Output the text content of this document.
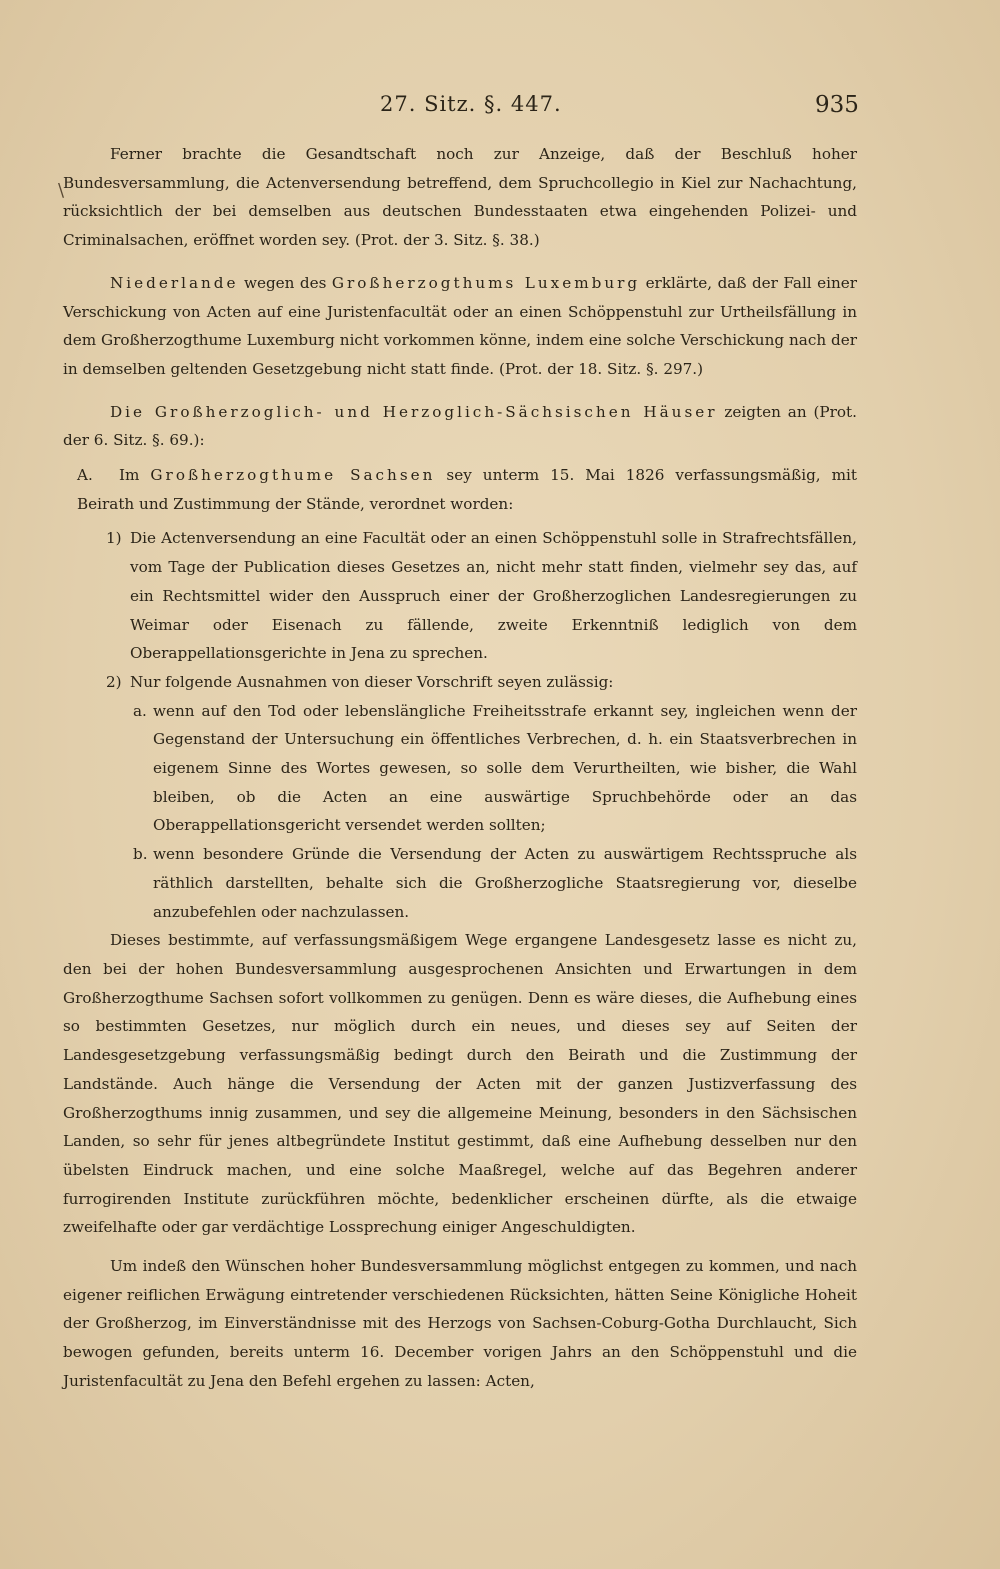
27. Sitz. §. 447.	935
\

Ferner brachte die Gesandtschaft noch zur Anzeige, daß der Beschluß hoher Bundesversammlung, die Actenversendung betreffend, dem Spruchcollegio in Kiel zur Nachachtung, rücksichtlich der bei demselben aus deutschen Bundesstaaten etwa eingehenden Polizei- und Criminalsachen, eröffnet worden sey. (Prot. der 3. Sitz. §. 38.)

Niederlande wegen des Großherzogthums Luxemburg erklärte, daß der Fall einer Verschickung von Acten auf eine Juristenfacultät oder an einen Schöppenstuhl zur Urtheilsfällung in dem Großherzogthume Luxemburg nicht vorkommen könne, indem eine solche Verschickung nach der in demselben geltenden Gesetzgebung nicht statt finde. (Prot. der 18. Sitz. §. 297.)

Die Großherzoglich- und Herzoglich-Sächsischen Häuser zeigten an (Prot. der 6. Sitz. §. 69.):

A. Im Großherzogthume Sachsen sey unterm 15. Mai 1826 verfassungsmäßig, mit Beirath und Zustimmung der Stände, verordnet worden:

1) Die Actenversendung an eine Facultät oder an einen Schöppenstuhl solle in Strafrechtsfällen, vom Tage der Publication dieses Gesetzes an, nicht mehr statt finden, vielmehr sey das, auf ein Rechtsmittel wider den Ausspruch einer der Großherzoglichen Landesregierungen zu Weimar oder Eisenach zu fällende, zweite Erkenntniß lediglich von dem Oberappellationsgerichte in Jena zu sprechen.

2) Nur folgende Ausnahmen von dieser Vorschrift seyen zulässig:

a. wenn auf den Tod oder lebenslängliche Freiheitsstrafe erkannt sey, ingleichen wenn der Gegenstand der Untersuchung ein öffentliches Verbrechen, d. h. ein Staatsverbrechen in eigenem Sinne des Wortes gewesen, so solle dem Verurtheilten, wie bisher, die Wahl bleiben, ob die Acten an eine auswärtige Spruchbehörde oder an das Oberappellationsgericht versendet werden sollten;

b. wenn besondere Gründe die Versendung der Acten zu auswärtigem Rechtsspruche als räthlich darstellten, behalte sich die Großherzogliche Staatsregierung vor, dieselbe anzubefehlen oder nachzulassen.

Dieses bestimmte, auf verfassungsmäßigem Wege ergangene Landesgesetz lasse es nicht zu, den bei der hohen Bundesversammlung ausgesprochenen Ansichten und Erwartungen in dem Großherzogthume Sachsen sofort vollkommen zu genügen. Denn es wäre dieses, die Aufhebung eines so bestimmten Gesetzes, nur möglich durch ein neues, und dieses sey auf Seiten der Landesgesetzgebung verfassungsmäßig bedingt durch den Beirath und die Zustimmung der Landstände. Auch hänge die Versendung der Acten mit der ganzen Justizverfassung des Großherzogthums innig zusammen, und sey die allgemeine Meinung, besonders in den Sächsischen Landen, so sehr für jenes altbegründete Institut gestimmt, daß eine Aufhebung desselben nur den übelsten Eindruck machen, und eine solche Maaßregel, welche auf das Begehren anderer furrogirenden Institute zurückführen möchte, bedenklicher erscheinen dürfte, als die etwaige zweifelhafte oder gar verdächtige Lossprechung einiger Angeschuldigten.

Um indeß den Wünschen hoher Bundesversammlung möglichst entgegen zu kommen, und nach eigener reiflichen Erwägung eintretender verschiedenen Rücksichten, hätten Seine Königliche Hoheit der Großherzog, im Einverständnisse mit des Herzogs von Sachsen-Coburg-Gotha Durchlaucht, Sich bewogen gefunden, bereits unterm 16. December vorigen Jahrs an den Schöppenstuhl und die Juristenfacultät zu Jena den Befehl ergehen zu lassen: Acten,
